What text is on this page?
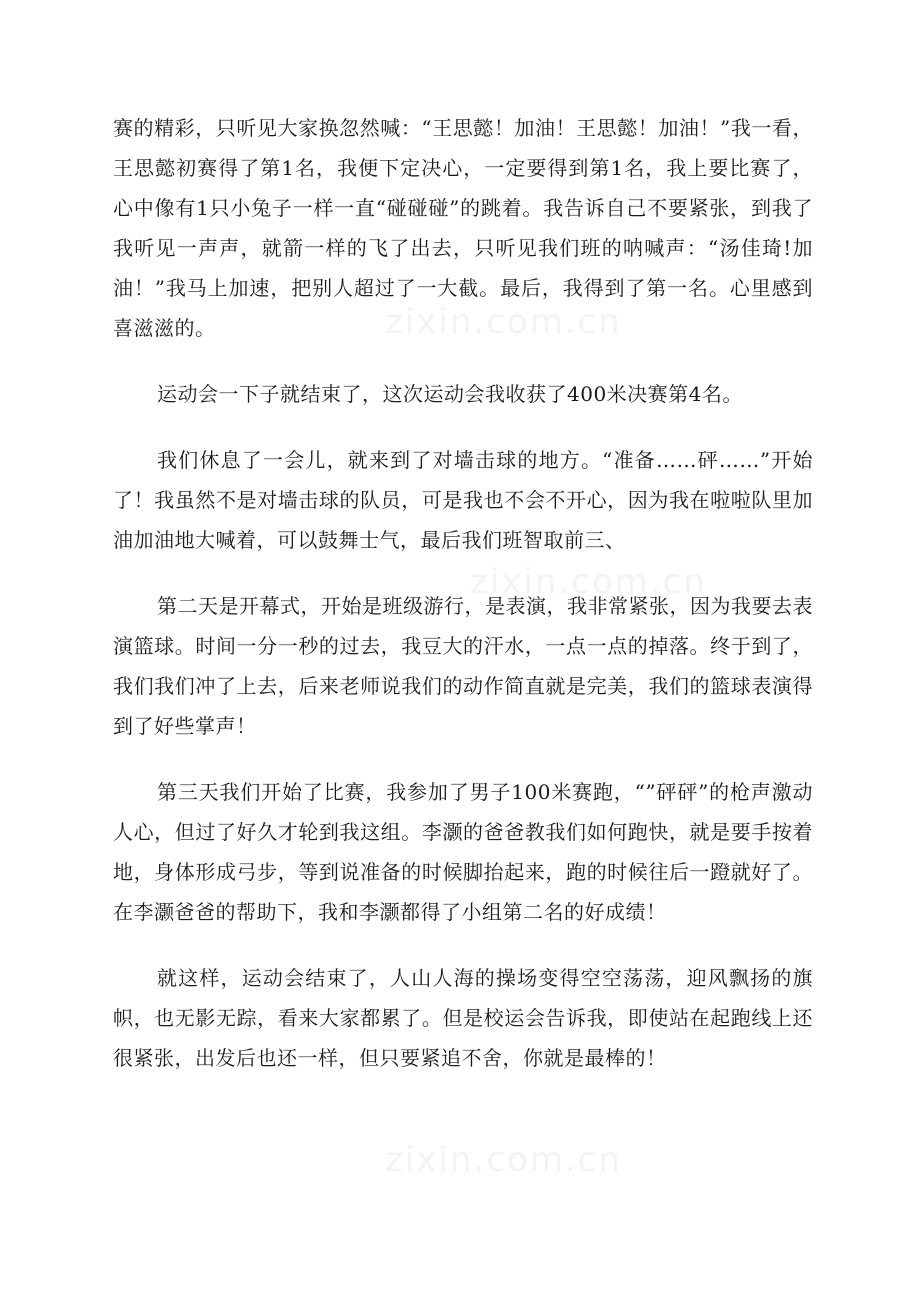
赛的精彩，只听见大家换忽然喊：“王思懿！加油！王思懿！加油！”我一看，王思懿初赛得了第1名，我便下定决心，一定要得到第1名，我上要比赛了，心中像有1只小兔子一样一直“碰碰碰”的跳着。我告诉自己不要紧张，到我了我听见一声声，就箭一样的飞了出去，只听见我们班的呐喊声：“汤佳琦!加油！”我马上加速，把别人超过了一大截。最后，我得到了第一名。心里感到喜滋滋的。

运动会一下子就结束了，这次运动会我收获了400米决赛第4名。

我们休息了一会儿，就来到了对墙击球的地方。“准备……砰……”开始了！我虽然不是对墙击球的队员，可是我也不会不开心，因为我在啦啦队里加油加油地大喊着，可以鼓舞士气，最后我们班智取前三、

第二天是开幕式，开始是班级游行，是表演，我非常紧张，因为我要去表演篮球。时间一分一秒的过去，我豆大的汗水，一点一点的掉落。终于到了，我们我们冲了上去，后来老师说我们的动作简直就是完美，我们的篮球表演得到了好些掌声！

第三天我们开始了比赛，我参加了男子100米赛跑，“”砰砰”的枪声激动人心，但过了好久才轮到我这组。李灏的爸爸教我们如何跑快，就是要手按着地，身体形成弓步，等到说准备的时候脚抬起来，跑的时候往后一蹬就好了。在李灏爸爸的帮助下，我和李灏都得了小组第二名的好成绩！

就这样，运动会结束了，人山人海的操场变得空空荡荡，迎风飘扬的旗帜，也无影无踪，看来大家都累了。但是校运会告诉我，即使站在起跑线上还很紧张，出发后也还一样，但只要紧追不舍，你就是最棒的！

zixin.com.cn
zixin.com.cn
zixin.com.cn
